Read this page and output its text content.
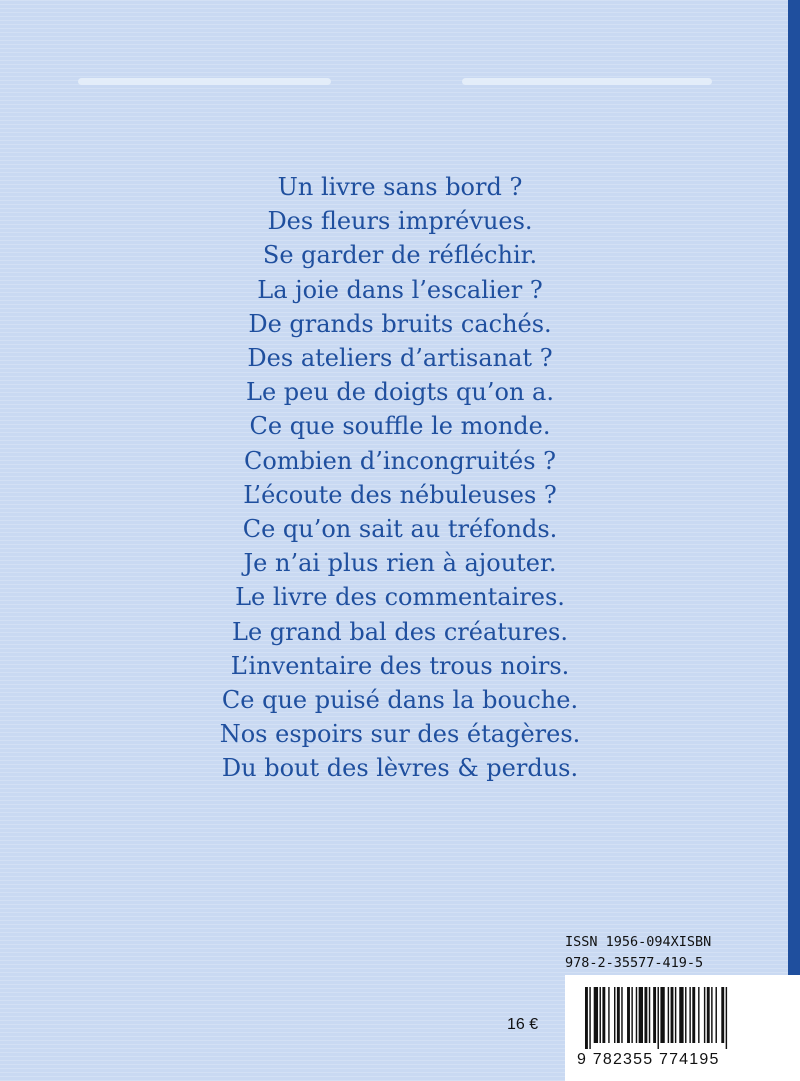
Un livre sans bord ?
Des fleurs imprévues.
Se garder de réfléchir.
La joie dans l’escalier ?
De grands bruits cachés.
Des ateliers d’artisanat ?
Le peu de doigts qu’on a.
Ce que souffle le monde.
Combien d’incongruités ?
L’écoute des nébuleuses ?
Ce qu’on sait au tréfonds.
Je n’ai plus rien à ajouter.
Le livre des commentaires.
Le grand bal des créatures.
L’inventaire des trous noirs.
Ce que puisé dans la bouche.
Nos espoirs sur des étagères.
Du bout des lèvres & perdus.
ISSN 1956-094XISBN
978-2-35577-419-5
16 €
9 782355 774195
